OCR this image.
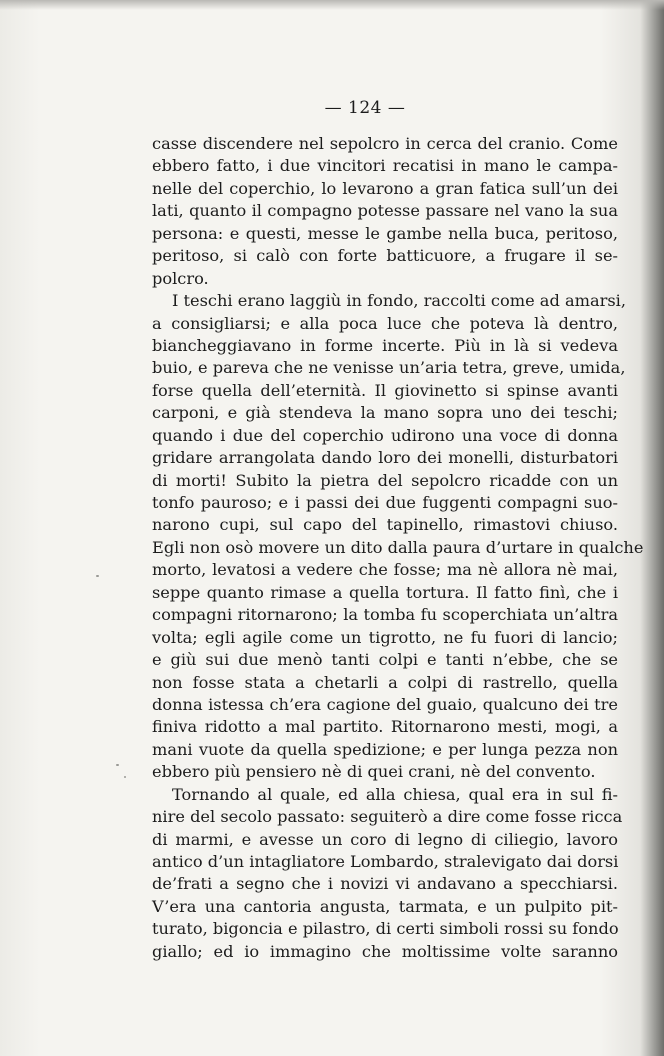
— 124 —
casse discendere nel sepolcro in cerca del cranio. Come
ebbero fatto, i due vincitori recatisi in mano le campa-
nelle del coperchio, lo levarono a gran fatica sull’un dei
lati, quanto il compagno potesse passare nel vano la sua
persona: e questi, messe le gambe nella buca, peritoso,
peritoso, si calò con forte batticuore, a frugare il se-
polcro.
I teschi erano laggiù in fondo, raccolti come ad amarsi,
a consigliarsi; e alla poca luce che poteva là dentro,
biancheggiavano in forme incerte. Più in là si vedeva
buio, e pareva che ne venisse un’aria tetra, greve, umida,
forse quella dell’eternità. Il giovinetto si spinse avanti
carponi, e già stendeva la mano sopra uno dei teschi;
quando i due del coperchio udirono una voce di donna
gridare arrangolata dando loro dei monelli, disturbatori
di morti! Subito la pietra del sepolcro ricadde con un
tonfo pauroso; e i passi dei due fuggenti compagni suo-
narono cupi, sul capo del tapinello, rimastovi chiuso.
Egli non osò movere un dito dalla paura d’urtare in qualche
morto, levatosi a vedere che fosse; ma nè allora nè mai,
seppe quanto rimase a quella tortura. Il fatto finì, che i
compagni ritornarono; la tomba fu scoperchiata un’altra
volta; egli agile come un tigrotto, ne fu fuori di lancio;
e giù sui due menò tanti colpi e tanti n’ebbe, che se
non fosse stata a chetarli a colpi di rastrello, quella
donna istessa ch’era cagione del guaio, qualcuno dei tre
finiva ridotto a mal partito. Ritornarono mesti, mogi, a
mani vuote da quella spedizione; e per lunga pezza non
ebbero più pensiero nè di quei crani, nè del convento.
Tornando al quale, ed alla chiesa, qual era in sul fi-
nire del secolo passato: seguiterò a dire come fosse ricca
di marmi, e avesse un coro di legno di ciliegio, lavoro
antico d’un intagliatore Lombardo, stralevigato dai dorsi
de’frati a segno che i novizi vi andavano a specchiarsi.
V’era una cantoria angusta, tarmata, e un pulpito pit-
turato, bigoncia e pilastro, di certi simboli rossi su fondo
giallo; ed io immagino che moltissime volte saranno
